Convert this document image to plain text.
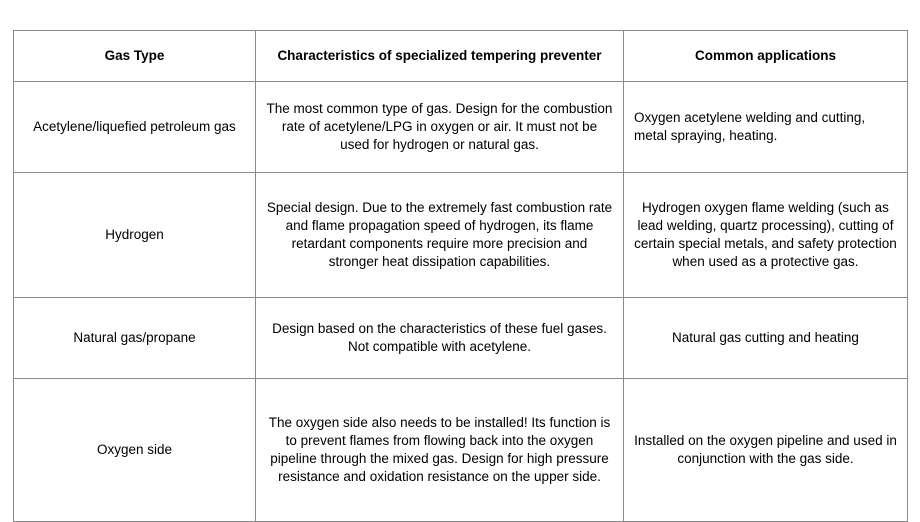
Gas Type	Characteristics of specialized tempering preventer	Common applications
Acetylene/liquefied petroleum gas	The most common type of gas. Design for the combustion rate of acetylene/LPG in oxygen or air. It must not be used for hydrogen or natural gas.	Oxygen acetylene welding and cutting, metal spraying, heating.
Hydrogen	Special design. Due to the extremely fast combustion rate and flame propagation speed of hydrogen, its flame retardant components require more precision and stronger heat dissipation capabilities.	Hydrogen oxygen flame welding (such as lead welding, quartz processing), cutting of certain special metals, and safety protection when used as a protective gas.
Natural gas/propane	Design based on the characteristics of these fuel gases. Not compatible with acetylene.	Natural gas cutting and heating
Oxygen side	The oxygen side also needs to be installed! Its function is to prevent flames from flowing back into the oxygen pipeline through the mixed gas. Design for high pressure resistance and oxidation resistance on the upper side.	Installed on the oxygen pipeline and used in conjunction with the gas side.
